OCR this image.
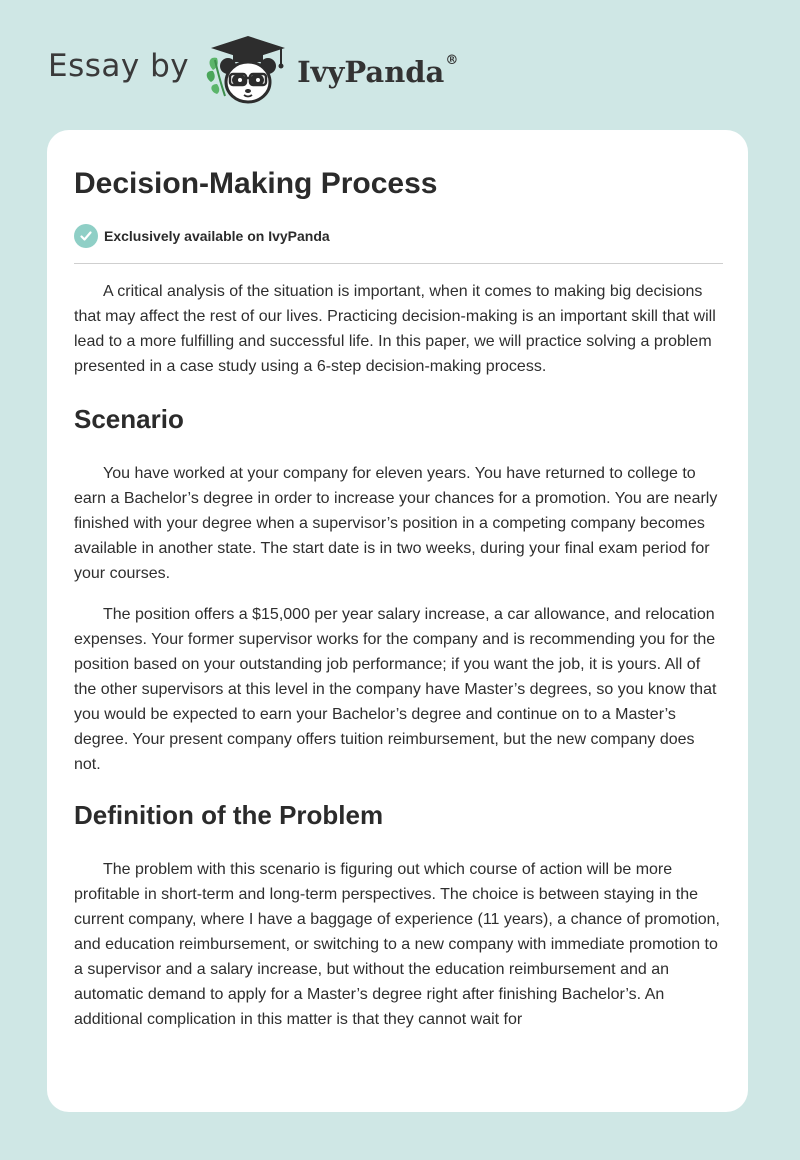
Essay by	IvyPanda®
Decision-Making Process
Exclusively available on IvyPanda

A critical analysis of the situation is important, when it comes to making big decisions that may affect the rest of our lives. Practicing decision-making is an important skill that will lead to a more fulfilling and successful life. In this paper, we will practice solving a problem presented in a case study using a 6-step decision-making process.

Scenario

You have worked at your company for eleven years. You have returned to college to earn a Bachelor’s degree in order to increase your chances for a promotion. You are nearly finished with your degree when a supervisor’s position in a competing company becomes available in another state. The start date is in two weeks, during your final exam period for your courses.

The position offers a $15,000 per year salary increase, a car allowance, and relocation expenses. Your former supervisor works for the company and is recommending you for the position based on your outstanding job performance; if you want the job, it is yours. All of the other supervisors at this level in the company have Master’s degrees, so you know that you would be expected to earn your Bachelor’s degree and continue on to a Master’s degree. Your present company offers tuition reimbursement, but the new company does not.

Definition of the Problem

The problem with this scenario is figuring out which course of action will be more profitable in short-term and long-term perspectives. The choice is between staying in the current company, where I have a baggage of experience (11 years), a chance of promotion, and education reimbursement, or switching to a new company with immediate promotion to a supervisor and a salary increase, but without the education reimbursement and an automatic demand to apply for a Master’s degree right after finishing Bachelor’s. An additional complication in this matter is that they cannot wait for
